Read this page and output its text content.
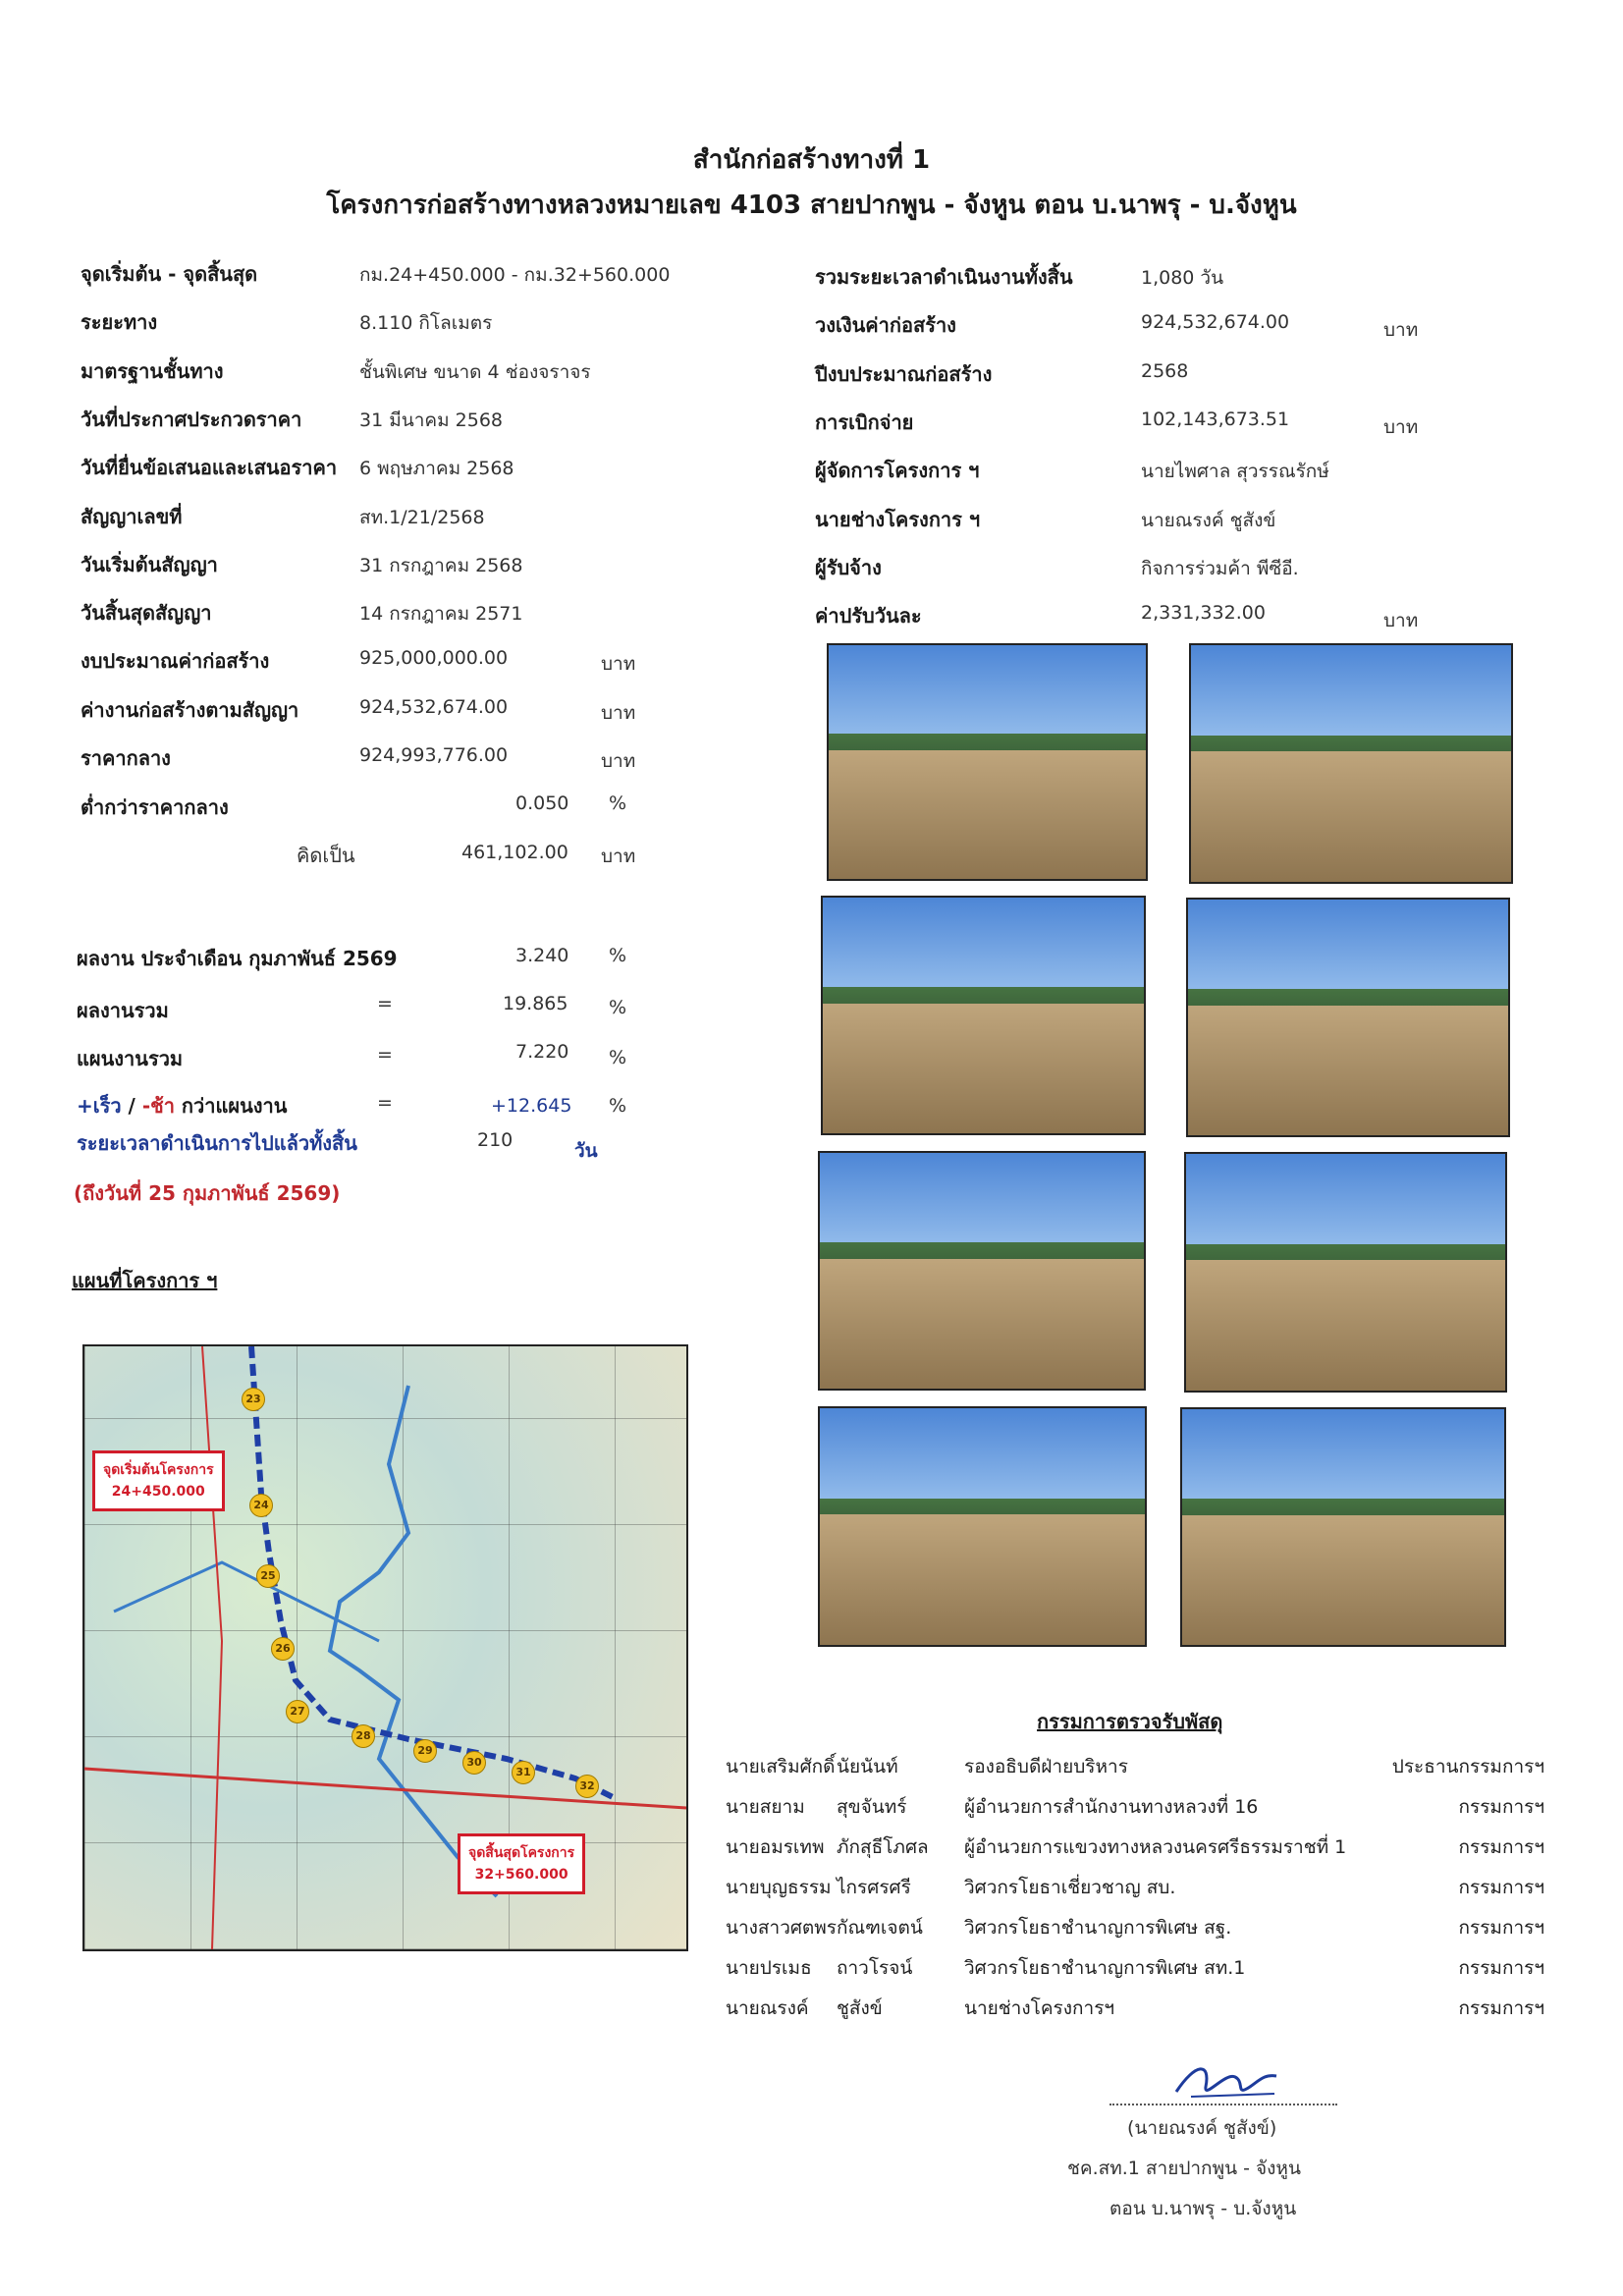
สำนักก่อสร้างทางที่ 1
โครงการก่อสร้างทางหลวงหมายเลข 4103 สายปากพูน - จังหูน ตอน บ.นาพรุ - บ.จังหูน
จุดเริ่มต้น - จุดสิ้นสุด	กม.24+450.000 - กม.32+560.000
ระยะทาง	8.110 กิโลเมตร
มาตรฐานชั้นทาง	ชั้นพิเศษ ขนาด 4 ช่องจราจร
วันที่ประกาศประกวดราคา	31 มีนาคม 2568
วันที่ยื่นข้อเสนอและเสนอราคา 6 พฤษภาคม 2568
สัญญาเลขที่	สท.1/21/2568
วันเริ่มต้นสัญญา	31 กรกฎาคม 2568
วันสิ้นสุดสัญญา	14 กรกฎาคม 2571
งบประมาณค่าก่อสร้าง	925,000,000.00	บาท
ค่างานก่อสร้างตามสัญญา	924,532,674.00	บาท
ราคากลาง	924,993,776.00	บาท
ต่ำกว่าราคากลาง	0.050 %
คิดเป็น	461,102.00 บาท
รวมระยะเวลาดำเนินงานทั้งสิ้น	1,080 วัน
วงเงินค่าก่อสร้าง	924,532,674.00	บาท
ปีงบประมาณก่อสร้าง	2568
การเบิกจ่าย	102,143,673.51	บาท
ผู้จัดการโครงการ ฯ	นายไพศาล สุวรรณรักษ์
นายช่างโครงการ ฯ	นายณรงค์ ชูสังข์
ผู้รับจ้าง	กิจการร่วมค้า พีซีอี.
ค่าปรับวันละ	2,331,332.00	บาท
ผลงาน ประจำเดือน กุมภาพันธ์ 2569	3.240 %
ผลงานรวม	=	19.865 %
แผนงานรวม	=	7.220 %
+เร็ว / -ช้า กว่าแผนงาน	=	+12.645 %
ระยะเวลาดำเนินการไปแล้วทั้งสิ้น	210	วัน
(ถึงวันที่ 25 กุมภาพันธ์ 2569)
แผนที่โครงการ ฯ
23
24
25
26
27
28
29
30
31
32
จุดเริ่มต้นโครงการ
24+450.000
จุดสิ้นสุดโครงการ
32+560.000
กรรมการตรวจรับพัสดุ
นายเสริมศักดิ์	นัยนันท์	รองอธิบดีฝ่ายบริหาร	ประธานกรรมการฯ
นายสยาม	สุขจันทร์	ผู้อำนวยการสำนักงานทางหลวงที่ 16	กรรมการฯ
นายอมรเทพ	ภักสุธีโภศล	ผู้อำนวยการแขวงทางหลวงนครศรีธรรมราชที่ 1	กรรมการฯ
นายบุญธรรม	ไกรศรศรี	วิศวกรโยธาเชี่ยวชาญ สบ.	กรรมการฯ
นางสาวศตพร	กัณฑเจตน์	วิศวกรโยธาชำนาญการพิเศษ สฐ.	กรรมการฯ
นายปรเมธ	ถาวโรจน์	วิศวกรโยธาชำนาญการพิเศษ สท.1	กรรมการฯ
นายณรงค์	ชูสังข์	นายช่างโครงการฯ	กรรมการฯ
(นายณรงค์ ชูสังข์)
ชค.สท.1 สายปากพูน - จังหูน
ตอน บ.นาพรุ - บ.จังหูน
